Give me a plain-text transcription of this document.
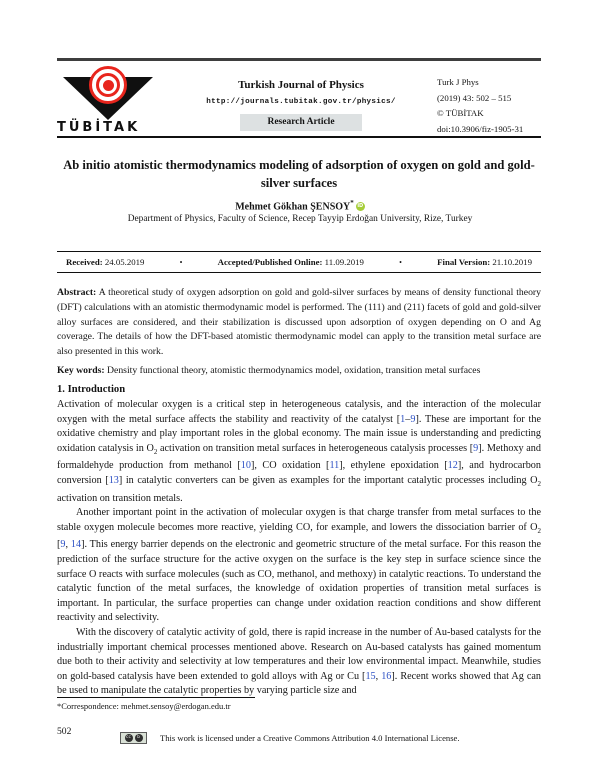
TÜBİTAK
Turkish Journal of Physics
http://journals.tubitak.gov.tr/physics/
Research Article
Turk J Phys
(2019) 43: 502 – 515
© TÜBİTAK
doi:10.3906/fiz-1905-31
Ab initio atomistic thermodynamics modeling of adsorption of oxygen on gold and gold-silver surfaces
Mehmet Gökhan ŞENSOY* iD
Department of Physics, Faculty of Science, Recep Tayyip Erdoğan University, Rize, Turkey
Received: 24.05.2019	•	Accepted/Published Online: 11.09.2019	•	Final Version: 21.10.2019

Abstract: A theoretical study of oxygen adsorption on gold and gold-silver surfaces by means of density functional theory (DFT) calculations with an atomistic thermodynamic model is performed. The (111) and (211) facets of gold and gold-silver alloy surfaces are considered, and their stabilization is discussed upon adsorption of oxygen depending on O and Ag coverage. The details of how the DFT-based atomistic thermodynamic model can apply to the transition metal surface are also presented in this work.

Key words: Density functional theory, atomistic thermodynamics model, oxidation, transition metal surfaces

1. Introduction

Activation of molecular oxygen is a critical step in heterogeneous catalysis, and the interaction of the molecular oxygen with the metal surface affects the stability and reactivity of the catalyst [1–9]. These are important for the oxidative chemistry and play important roles in the global economy. The main issue is understanding and predicting oxidation catalysis in $O_2$ activation on transition metal surfaces in heterogeneous catalysis processes [9]. Methoxy and formaldehyde production from methanol [10], CO oxidation [11], ethylene epoxidation [12], and hydrocarbon conversion [13] in catalytic converters can be given as examples for the important catalytic processes including $O_2$ activation on transition metals.

Another important point in the activation of molecular oxygen is that charge transfer from metal surfaces to the stable oxygen molecule becomes more reactive, yielding CO, for example, and lowers the dissociation barrier of $O_2$ [9, 14]. This energy barrier depends on the electronic and geometric structure of the metal surface. For this reason the prediction of the surface structure for the active oxygen on the surface is the key step in surface science since the surface O reacts with surface molecules (such as CO, methanol, and methoxy) in catalytic reactions. To understand the catalytic function of the metal surfaces, the knowledge of oxidation properties of transition metal surfaces is important. In particular, the surface properties can change under oxidation reaction conditions and show different reactivity and selectivity.

With the discovery of catalytic activity of gold, there is rapid increase in the number of Au-based catalysts for the industrially important chemical processes mentioned above. Research on Au-based catalysts has gained momentum due both to their activity and selectivity at low temperatures and their low environmental impact. Meanwhile, studies on gold-based catalysis have been extended to gold alloys with Ag or Cu [15, 16]. Recent works showed that Ag can be used to manipulate the catalytic properties by varying particle size and

*Correspondence: mehmet.sensoy@erdogan.edu.tr
502
cc	b This work is licensed under a Creative Commons Attribution 4.0 International License.
